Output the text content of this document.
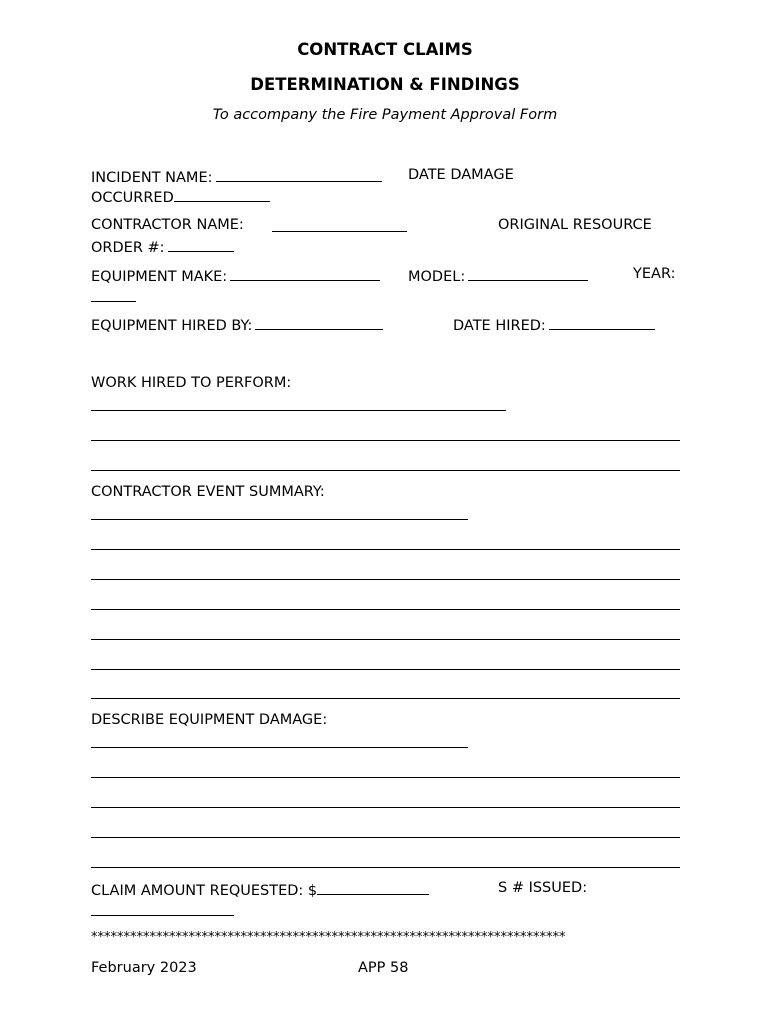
CONTRACT CLAIMS
DETERMINATION & FINDINGS
To accompany the Fire Payment Approval Form
INCIDENT NAME:	DATE DAMAGE
OCCURRED
CONTRACTOR NAME:	ORIGINAL RESOURCE
ORDER #:
EQUIPMENT MAKE:	MODEL:	YEAR:
EQUIPMENT HIRED BY:	DATE HIRED:
WORK HIRED TO PERFORM:
CONTRACTOR EVENT SUMMARY:
DESCRIBE EQUIPMENT DAMAGE:
CLAIM AMOUNT REQUESTED: $	S # ISSUED:
*************************************************************************
February 2023	APP 58
